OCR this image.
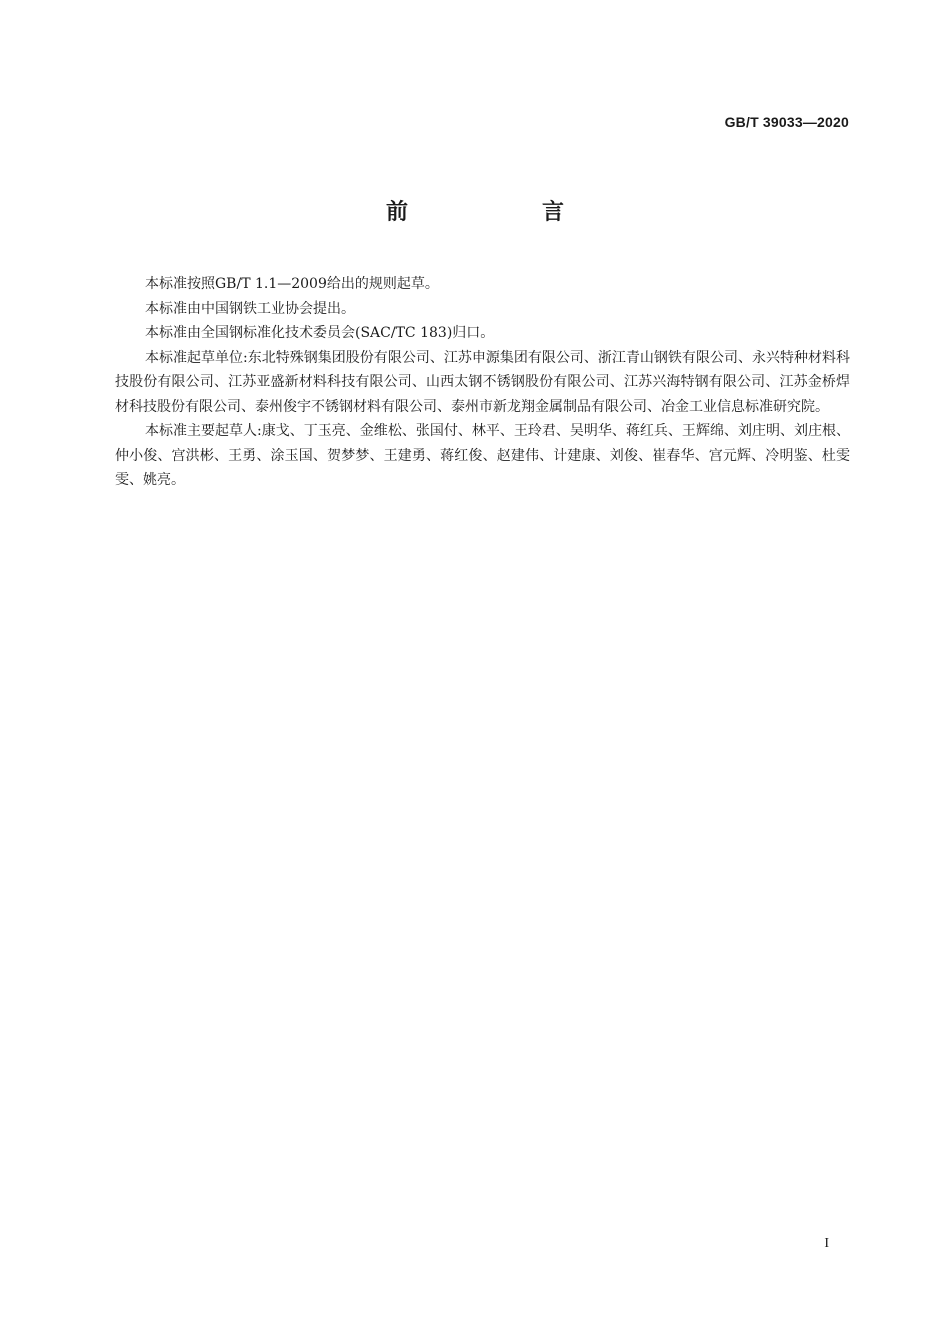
GB/T 39033—2020
前　言

本标准按照GB/T 1.1—2009给出的规则起草。

本标准由中国钢铁工业协会提出。

本标准由全国钢标准化技术委员会(SAC/TC 183)归口。

本标准起草单位:东北特殊钢集团股份有限公司、江苏申源集团有限公司、浙江青山钢铁有限公司、永兴特种材料科技股份有限公司、江苏亚盛新材料科技有限公司、山西太钢不锈钢股份有限公司、江苏兴海特钢有限公司、江苏金桥焊材科技股份有限公司、泰州俊宇不锈钢材料有限公司、泰州市新龙翔金属制品有限公司、冶金工业信息标准研究院。

本标准主要起草人:康戈、丁玉亮、金维松、张国付、林平、王玲君、吴明华、蒋红兵、王辉绵、刘庄明、刘庄根、仲小俊、宫洪彬、王勇、涂玉国、贺梦梦、王建勇、蒋红俊、赵建伟、计建康、刘俊、崔春华、宫元辉、冷明鉴、杜雯雯、姚亮。

I
